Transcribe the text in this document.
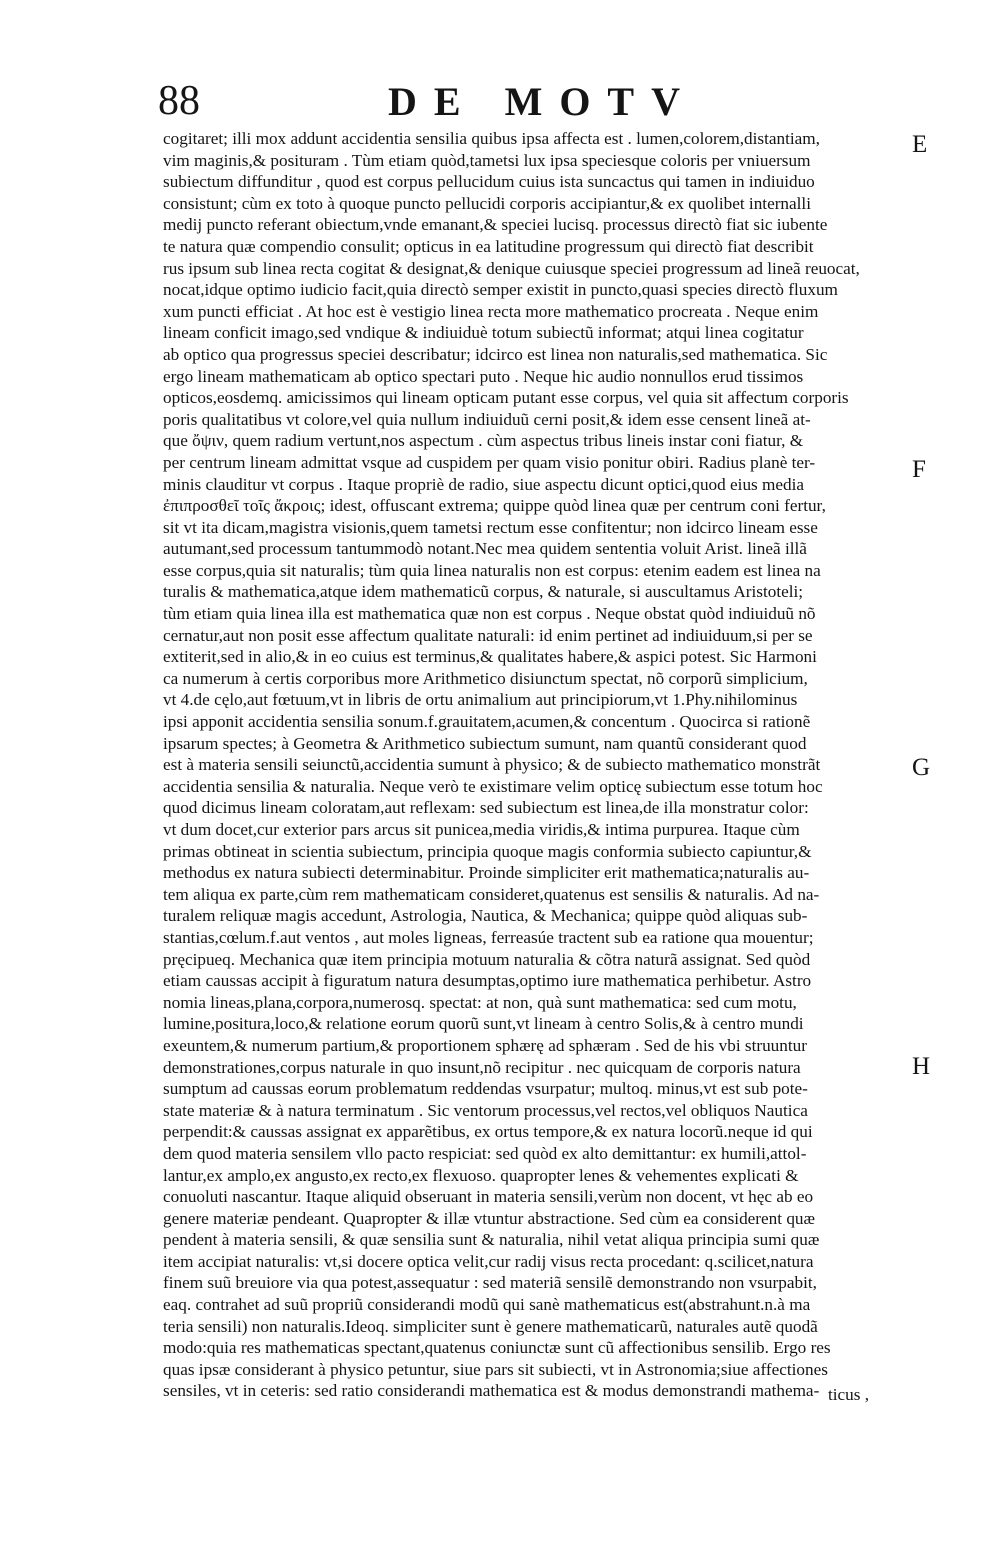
88	DE MOTV
E
F
G
H
cogitaret; illi mox addunt accidentia sensilia quibus ipsa affecta est . lumen,colorem,distantiam,
vim maginis,& posituram . Tùm etiam quòd,tametsi lux ipsa speciesque coloris per vniuersum
subiectum diffunditur , quod est corpus pellucidum cuius ista suncactus qui tamen in indiuiduo
consistunt; cùm ex toto à quoque puncto pellucidi corporis accipiantur,& ex quolibet internalli
medij puncto referant obiectum,vnde emanant,& speciei lucisq. processus directò fiat sic iubente
te natura quæ compendio consulit; opticus in ea latitudine progressum qui directò fiat describit
rus ipsum sub linea recta cogitat & designat,& denique cuiusque speciei progressum ad lineã reuocat,
nocat,idque optimo iudicio facit,quia directò semper existit in puncto,quasi species directò fluxum
xum puncti efficiat . At hoc est è vestigio linea recta more mathematico procreata . Neque enim
lineam conficit imago,sed vndique & indiuiduè totum subiectũ informat; atqui linea cogitatur
ab optico qua progressus speciei describatur; idcirco est linea non naturalis,sed mathematica. Sic
ergo lineam mathematicam ab optico spectari puto . Neque hic audio nonnullos erud tissimos
opticos,eosdemq. amicissimos qui lineam opticam putant esse corpus, vel quia sit affectum corporis
poris qualitatibus vt colore,vel quia nullum indiuiduũ cerni posit,& idem esse censent lineã at-
que ὄψιν, quem radium vertunt,nos aspectum . cùm aspectus tribus lineis instar coni fiatur, &
per centrum lineam admittat vsque ad cuspidem per quam visio ponitur obiri. Radius planè ter-
minis clauditur vt corpus . Itaque propriè de radio, siue aspectu dicunt optici,quod eius media
ἐπιπροσθεῖ τοῖς ἄκροις; idest, offuscant extrema; quippe quòd linea quæ per centrum coni fertur,
sit vt ita dicam,magistra visionis,quem tametsi rectum esse confitentur; non idcirco lineam esse
autumant,sed processum tantummodò notant.Nec mea quidem sententia voluit Arist. lineã illã
esse corpus,quia sit naturalis; tùm quia linea naturalis non est corpus: etenim eadem est linea na
turalis & mathematica,atque idem mathematicũ corpus, & naturale, si auscultamus Aristoteli;
tùm etiam quia linea illa est mathematica quæ non est corpus . Neque obstat quòd indiuiduũ nõ
cernatur,aut non posit esse affectum qualitate naturali: id enim pertinet ad indiuiduum,si per se
extiterit,sed in alio,& in eo cuius est terminus,& qualitates habere,& aspici potest. Sic Harmoni
ca numerum à certis corporibus more Arithmetico disiunctum spectat, nõ corporũ simplicium,
vt 4.de cęlo,aut fœtuum,vt in libris de ortu animalium aut principiorum,vt 1.Phy.nihilominus
ipsi apponit accidentia sensilia sonum.f.grauitatem,acumen,& concentum . Quocirca si rationẽ
ipsarum spectes; à Geometra & Arithmetico subiectum sumunt, nam quantũ considerant quod
est à materia sensili seiunctũ,accidentia sumunt à physico; & de subiecto mathematico monstrãt
accidentia sensilia & naturalia. Neque verò te existimare velim opticę subiectum esse totum hoc
quod dicimus lineam coloratam,aut reflexam: sed subiectum est linea,de illa monstratur color:
vt dum docet,cur exterior pars arcus sit punicea,media viridis,& intima purpurea. Itaque cùm
primas obtineat in scientia subiectum, principia quoque magis conformia subiecto capiuntur,&
methodus ex natura subiecti determinabitur. Proinde simpliciter erit mathematica;naturalis au-
tem aliqua ex parte,cùm rem mathematicam consideret,quatenus est sensilis & naturalis. Ad na-
turalem reliquæ magis accedunt, Astrologia, Nautica, & Mechanica; quippe quòd aliquas sub-
stantias,cœlum.f.aut ventos , aut moles ligneas, ferreasúe tractent sub ea ratione qua mouentur;
pręcipueq. Mechanica quæ item principia motuum naturalia & cõtra naturã assignat. Sed quòd
etiam caussas accipit à figuratum natura desumptas,optimo iure mathematica perhibetur. Astro
nomia lineas,plana,corpora,numerosq. spectat: at non, quà sunt mathematica: sed cum motu,
lumine,positura,loco,& relatione eorum quorũ sunt,vt lineam à centro Solis,& à centro mundi
exeuntem,& numerum partium,& proportionem sphærę ad sphæram . Sed de his vbi struuntur
demonstrationes,corpus naturale in quo insunt,nõ recipitur . nec quicquam de corporis natura
sumptum ad caussas eorum problematum reddendas vsurpatur; multoq. minus,vt est sub pote-
state materiæ & à natura terminatum . Sic ventorum processus,vel rectos,vel obliquos Nautica
perpendit:& caussas assignat ex apparẽtibus, ex ortus tempore,& ex natura locorũ.neque id qui
dem quod materia sensilem vllo pacto respiciat: sed quòd ex alto demittantur: ex humili,attol-
lantur,ex amplo,ex angusto,ex recto,ex flexuoso. quapropter lenes & vehementes explicati &
conuoluti nascantur. Itaque aliquid obseruant in materia sensili,verùm non docent, vt hęc ab eo
genere materiæ pendeant. Quapropter & illæ vtuntur abstractione. Sed cùm ea considerent quæ
pendent à materia sensili, & quæ sensilia sunt & naturalia, nihil vetat aliqua principia sumi quæ
item accipiat naturalis: vt,si docere optica velit,cur radij visus recta procedant: q.scilicet,natura
finem suũ breuiore via qua potest,assequatur : sed materiã sensilẽ demonstrando non vsurpabit,
eaq. contrahet ad suũ propriũ considerandi modũ qui sanè mathematicus est(abstrahunt.n.à ma
teria sensili) non naturalis.Ideoq. simpliciter sunt è genere mathematicarũ, naturales autẽ quodã
modo:quia res mathematicas spectant,quatenus coniunctæ sunt cũ affectionibus sensilib. Ergo res
quas ipsæ considerant à physico petuntur, siue pars sit subiecti, vt in Astronomia;siue affectiones
sensiles, vt in ceteris: sed ratio considerandi mathematica est & modus demonstrandi mathema- ticus ,
